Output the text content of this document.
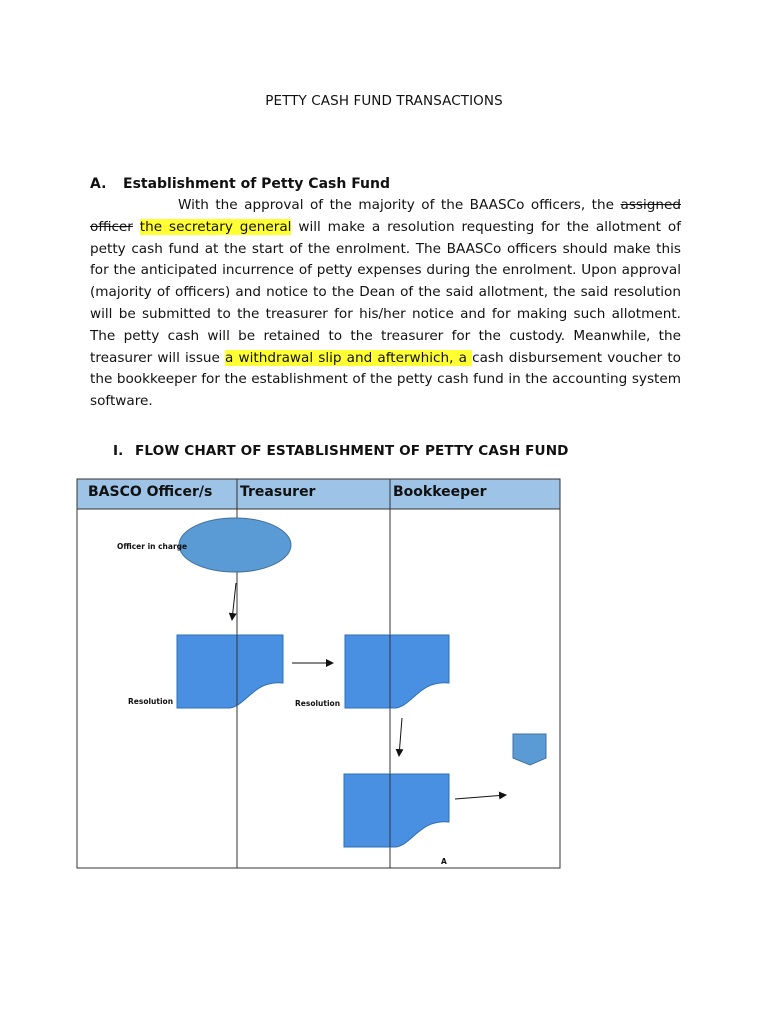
PETTY CASH FUND TRANSACTIONS
A. Establishment of Petty Cash Fund

With the approval of the majority of the BAASCo officers, the assigned officer the secretary general will make a resolution requesting for the allotment of petty cash fund at the start of the enrolment. The BAASCo officers should make this for the anticipated incurrence of petty expenses during the enrolment. Upon approval (majority of officers) and notice to the Dean of the said allotment, the said resolution will be submitted to the treasurer for his/her notice and for making such allotment. The petty cash will be retained to the treasurer for the custody. Meanwhile, the treasurer will issue a withdrawal slip and afterwhich, a cash disbursement voucher to the bookkeeper for the establishment of the petty cash fund in the accounting system software.

I. FLOW CHART OF ESTABLISHMENT OF PETTY CASH FUND
BASCO Officer/s Treasurer	Bookkeeper
Officer in charge
Resolution	Resolution
A
